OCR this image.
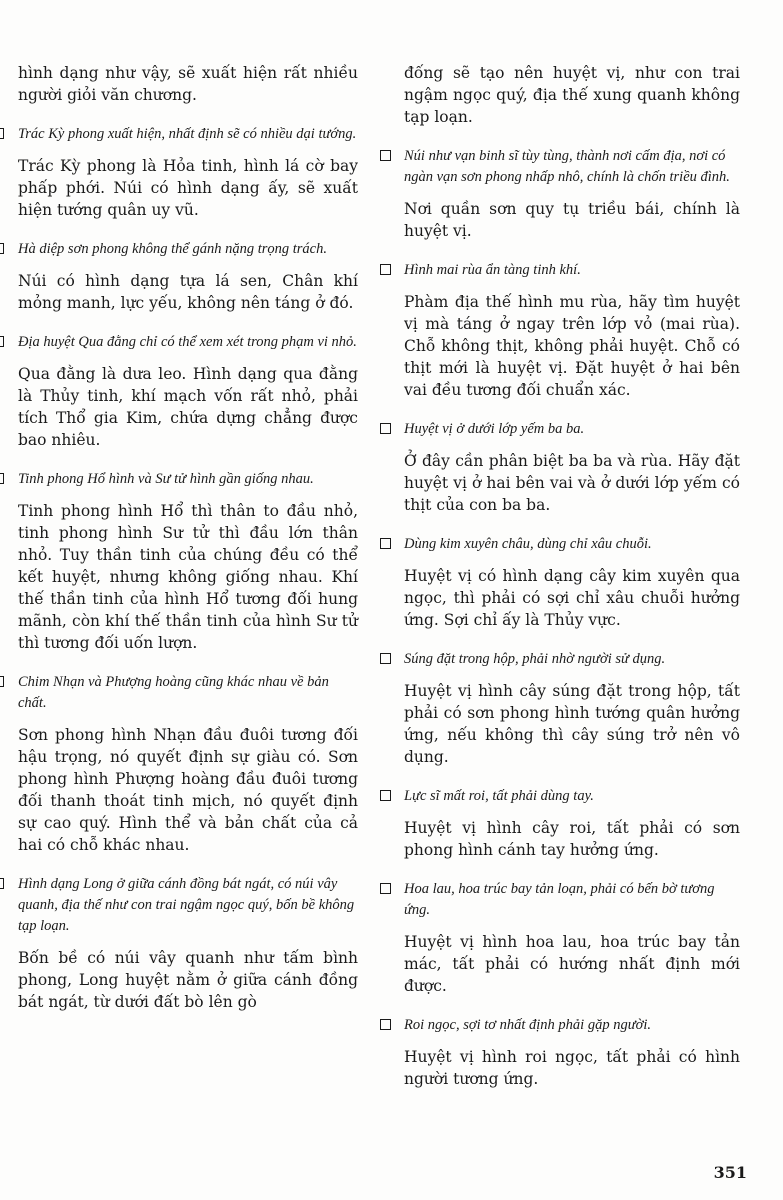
hình dạng như vậy, sẽ xuất hiện rất nhiều người giỏi văn chương.

Trác Kỳ phong xuất hiện, nhất định sẽ có nhiều dại tướng.

Trác Kỳ phong là Hỏa tinh, hình lá cờ bay phấp phới. Núi có hình dạng ấy, sẽ xuất hiện tướng quân uy vũ.

Hà diệp sơn phong không thể gánh nặng trọng trách.

Núi có hình dạng tựa lá sen, Chân khí mỏng manh, lực yếu, không nên táng ở đó.

Địa huyệt Qua đằng chỉ có thể xem xét trong phạm vi nhỏ.

Qua đằng là dưa leo. Hình dạng qua đằng là Thủy tinh, khí mạch vốn rất nhỏ, phải tích Thổ gia Kim, chứa dựng chẳng được bao nhiêu.

Tinh phong Hổ hình và Sư tử hình gần giống nhau.

Tinh phong hình Hổ thì thân to đầu nhỏ, tinh phong hình Sư tử thì đầu lớn thân nhỏ. Tuy thần tinh của chúng đều có thể kết huyệt, nhưng không giống nhau. Khí thế thần tinh của hình Hổ tương đối hung mãnh, còn khí thế thần tinh của hình Sư tử thì tương đối uốn lượn.

Chim Nhạn và Phượng hoàng cũng khác nhau về bản chất.

Sơn phong hình Nhạn đầu đuôi tương đối hậu trọng, nó quyết định sự giàu có. Sơn phong hình Phượng hoàng đầu đuôi tương đối thanh thoát tinh mịch, nó quyết định sự cao quý. Hình thể và bản chất của cả hai có chỗ khác nhau.

Hình dạng Long ở giữa cánh đồng bát ngát, có núi vây quanh, địa thế như con trai ngậm ngọc quý, bốn bề không tạp loạn.

Bốn bề có núi vây quanh như tấm bình phong, Long huyệt nằm ở giữa cánh đồng bát ngát, từ dưới đất bò lên gò

đống sẽ tạo nên huyệt vị, như con trai ngậm ngọc quý, địa thế xung quanh không tạp loạn.

Núi như vạn binh sĩ tùy tùng, thành nơi cấm địa, nơi có ngàn vạn sơn phong nhấp nhô, chính là chốn triều đình.

Nơi quần sơn quy tụ triều bái, chính là huyệt vị.

Hình mai rùa ẩn tàng tinh khí.

Phàm địa thế hình mu rùa, hãy tìm huyệt vị mà táng ở ngay trên lớp vỏ (mai rùa). Chỗ không thịt, không phải huyệt. Chỗ có thịt mới là huyệt vị. Đặt huyệt ở hai bên vai đều tương đối chuẩn xác.

Huyệt vị ở dưới lớp yếm ba ba.

Ở đây cần phân biệt ba ba và rùa. Hãy đặt huyệt vị ở hai bên vai và ở dưới lớp yếm có thịt của con ba ba.

Dùng kim xuyên châu, dùng chỉ xâu chuỗi.

Huyệt vị có hình dạng cây kim xuyên qua ngọc, thì phải có sợi chỉ xâu chuỗi hưởng ứng. Sợi chỉ ấy là Thủy vực.

Súng đặt trong hộp, phải nhờ người sử dụng.

Huyệt vị hình cây súng đặt trong hộp, tất phải có sơn phong hình tướng quân hưởng ứng, nếu không thì cây súng trở nên vô dụng.

Lực sĩ mất roi, tất phải dùng tay.

Huyệt vị hình cây roi, tất phải có sơn phong hình cánh tay hưởng ứng.

Hoa lau, hoa trúc bay tản loạn, phải có bến bờ tương ứng.

Huyệt vị hình hoa lau, hoa trúc bay tản mác, tất phải có hướng nhất định mới được.

Roi ngọc, sợi tơ nhất định phải gặp người.

Huyệt vị hình roi ngọc, tất phải có hình người tương ứng.

351
